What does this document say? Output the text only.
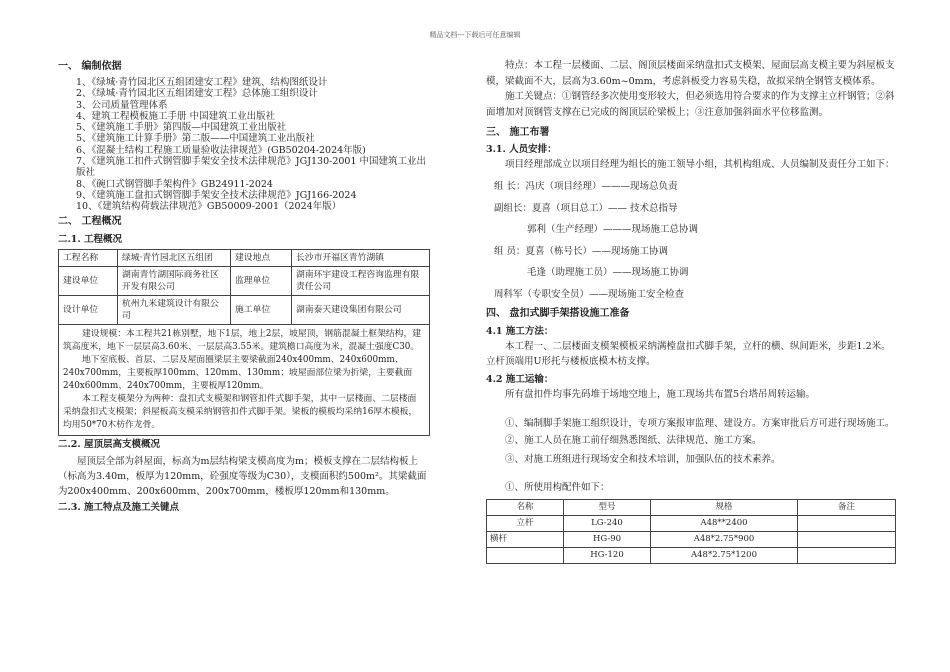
精品文档---下载后可任意编辑
一、 编制依据
1、《绿城·青竹园北区五组团建安工程》建筑、结构图纸设计
2、《绿城·青竹园北区五组团建安工程》总体施工组织设计
3、公司质量管理体系
4、建筑工程模板施工手册 中国建筑工业出版社
5、《建筑施工手册》第四版—中国建筑工业出版社
5、《建筑施工计算手册》第二版——中国建筑工业出版社
6、《混凝土结构工程施工质量验收法律规范》(GB50204-2024年版)
7、《建筑施工扣件式钢管脚手架安全技术法律规范》JGJ130-2001 中国建筑工业出版社
8、《碗口式钢管脚手架构件》GB24911-2024
9、《建筑施工盘扣式钢管脚手架安全技术法律规范》JGJ166-2024
10、《建筑结构荷载法律规范》GB50009-2001（2024年版）
二、 工程概况
二.1. 工程概况
工程名称	绿城·青竹园北区五组团	建设地点	长沙市开福区青竹湖镇
建设单位	湖南青竹湖国际商务社区开发有限公司	监理单位	湖南环宇建设工程咨询监理有限责任公司
设计单位	杭州九米建筑设计有限公司	施工单位	湖南泰天建设集团有限公司

建设规模：本工程共21栋别墅，地下1层，地上2层，坡屋顶，钢筋混凝土框架结构，建筑高度米，地下一层层高3.60米、一层层高3.55米。建筑檐口高度为米，混凝土强度C30。
地下室底板、首层、二层及屋面圈梁层主要梁截面240x400mm、240x600mm、240x700mm，主要板厚100mm、120mm、130mm；坡屋面部位梁为折梁，主要截面240x600mm、240x700mm，主要板厚120mm。
本工程支模架分为两种：盘扣式支模架和钢管扣件式脚手架，其中一层楼面、二层楼面采纳盘扣式支模架；斜屋板高支模采纳钢管扣件式脚手架。梁板的模板均采纳16厚木模板，均用50*70木枋作龙骨。			
二.2. 屋顶层高支模概况
屋顶层全部为斜屋面，标高为m层结构梁支模高度为m；模板支撑在二层结构板上（标高为3.40m，板厚为120mm，砼强度等级为C30），支模面积约500m²。其梁截面为200x400mm、200x600mm、200x700mm，楼板厚120mm和130mm。
二.3. 施工特点及施工关键点
特点：本工程一层楼面、二层、阁顶层楼面采纳盘扣式支模架、屋面层高支模主要为斜屋板支模，梁截面不大，层高为3.60m~0mm，考虑斜板受力容易失稳，故拟采纳全钢管支模体系。
施工关键点：①钢管经多次使用变形较大，但必须选用符合要求的作为支撑主立杆钢管；②斜面增加对顶钢管支撑在已完成的阁顶层砼梁板上；③注意加强斜面水平位移监测。
三、 施工布署
3.1. 人员安排：
项目经理部成立以项目经理为组长的施工领导小组，其机构组成、人员编制及责任分工如下：
组 长：冯庆（项目经理）———现场总负责
副组长：夏喜（项目总工）—— 技术总指导
郭利（生产经理）———现场施工总协调
组 员：夏喜（栋号长）——现场施工协调
毛逢（助理施工员）——现场施工协调
周科军（专职安全员）——现场施工安全检查
四、 盘扣式脚手架搭设施工准备
4.1 施工方法：
本工程一、二层楼面支模架模板采纳满樘盘扣式脚手架，立杆的横、纵间距米，步距1.2米。立杆顶端用U形托与楼板底模木枋支撑。
4.2 施工运输：
所有盘扣件均事先码堆于场地空地上，施工现场共布置5台塔吊周转运输。
①、编制脚手架施工组织设计，专项方案报审监理、建设方。方案审批后方可进行现场施工。
②、施工人员在施工前仔细熟悉图纸、法律规范、施工方案。
③、对施工班组进行现场安全和技术培训，加强队伍的技术素养。
①、所使用构配件如下：
名称	型号	规格	备注
立杆	LG-240	A48**2400	
横杆	HG-90	A48*2.75*900	
	HG-120	A48*2.75*1200	
